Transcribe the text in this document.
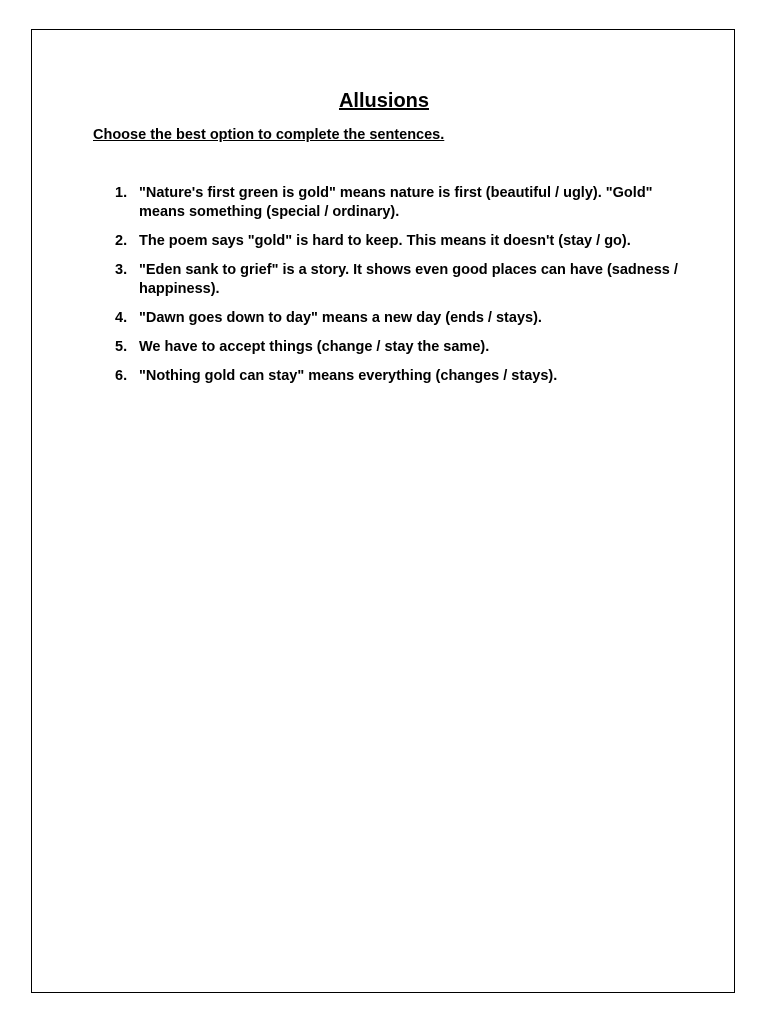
Allusions
Choose the best option to complete the sentences.
1. "Nature's first green is gold" means nature is first (beautiful / ugly). "Gold" means something (special / ordinary).
2. The poem says "gold" is hard to keep. This means it doesn't (stay / go).
3. "Eden sank to grief" is a story. It shows even good places can have (sadness / happiness).
4. "Dawn goes down to day" means a new day (ends / stays).
5. We have to accept things (change / stay the same).
6. "Nothing gold can stay" means everything (changes / stays).
